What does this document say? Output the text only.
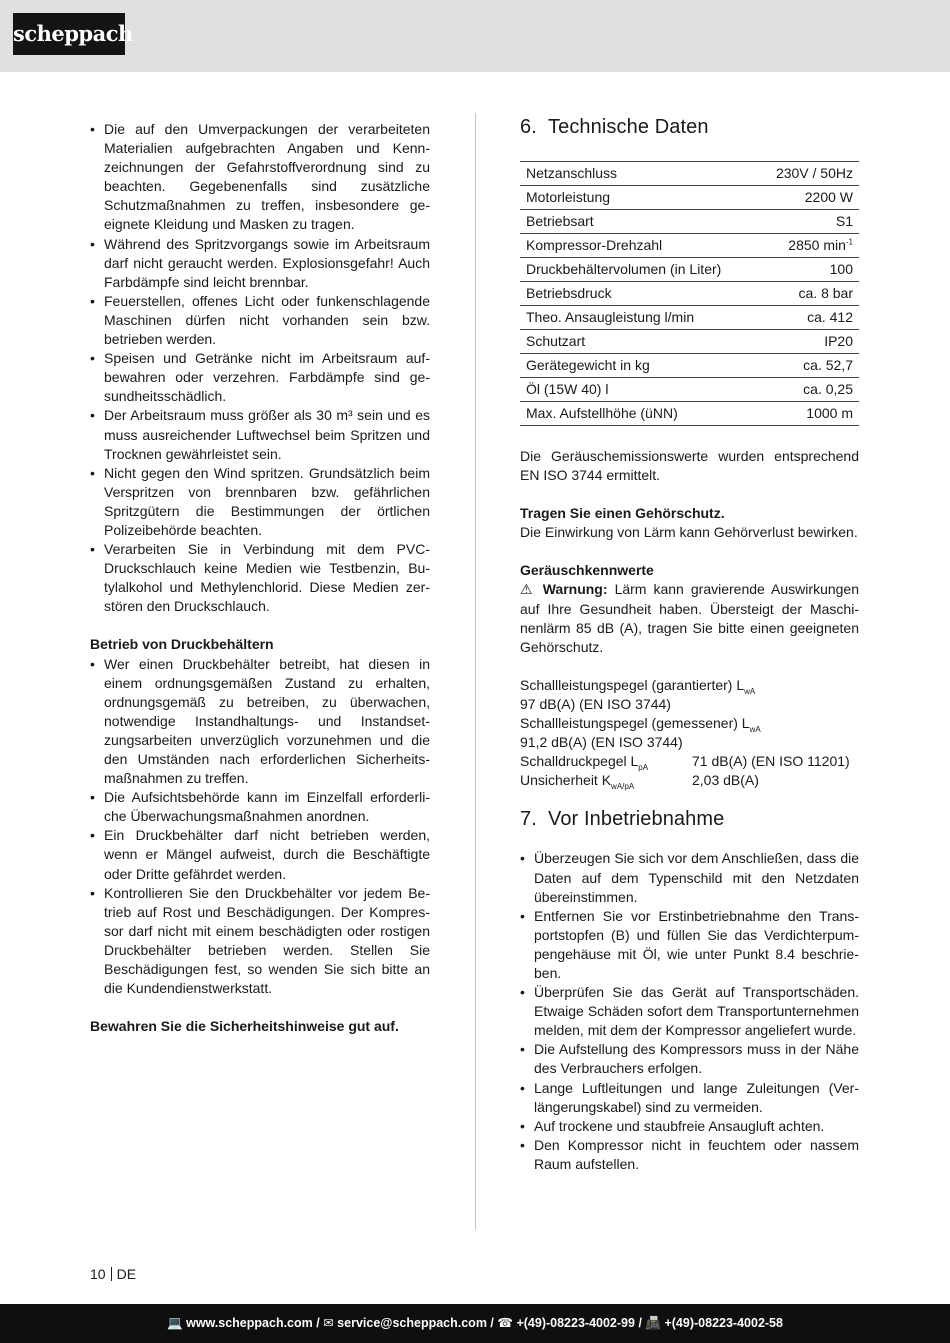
scheppach
• Die auf den Umverpackungen der verarbeiteten Materialien aufgebrachten Angaben und Kennzeichnungen der Gefahrstoffverordnung sind zu beachten. Gegebenenfalls sind zusätzliche Schutzmaßnahmen zu treffen, insbesondere geeignete Kleidung und Masken zu tragen.
• Während des Spritzvorgangs sowie im Arbeitsraum darf nicht geraucht werden. Explosionsgefahr! Auch Farbdämpfe sind leicht brennbar.
• Feuerstellen, offenes Licht oder funkenschlagende Maschinen dürfen nicht vorhanden sein bzw. betrieben werden.
• Speisen und Getränke nicht im Arbeitsraum aufbewahren oder verzehren. Farbdämpfe sind gesundheitsschädlich.
• Der Arbeitsraum muss größer als 30 m³ sein und es muss ausreichender Luftwechsel beim Spritzen und Trocknen gewährleistet sein.
• Nicht gegen den Wind spritzen. Grundsätzlich beim Verspritzen von brennbaren bzw. gefährlichen Spritzgütern die Bestimmungen der örtlichen Polizeibehörde beachten.
• Verarbeiten Sie in Verbindung mit dem PVC-Druckschlauch keine Medien wie Testbenzin, Butylalkohol und Methylenchlorid. Diese Medien zerstören den Druckschlauch.
Betrieb von Druckbehältern
• Wer einen Druckbehälter betreibt, hat diesen in einem ordnungsgemäßen Zustand zu erhalten, ordnungsgemäß zu betreiben, zu überwachen, notwendige Instandhaltungs- und Instandsetzungsarbeiten unverzüglich vorzunehmen und die den Umständen nach erforderlichen Sicherheitsmaßnahmen zu treffen.
• Die Aufsichtsbehörde kann im Einzelfall erforderliche Überwachungsmaßnahmen anordnen.
• Ein Druckbehälter darf nicht betrieben werden, wenn er Mängel aufweist, durch die Beschäftigte oder Dritte gefährdet werden.
• Kontrollieren Sie den Druckbehälter vor jedem Betrieb auf Rost und Beschädigungen. Der Kompressor darf nicht mit einem beschädigten oder rostigen Druckbehälter betrieben werden. Stellen Sie Beschädigungen fest, so wenden Sie sich bitte an die Kundendienstwerkstatt.
Bewahren Sie die Sicherheitshinweise gut auf.
6. Technische Daten
Netzanschluss	230V / 50Hz
Motorleistung	2200 W
Betriebsart	S1
Kompressor-Drehzahl	2850 $\min^{-1}$
Druckbehältervolumen (in Liter)	100
Betriebsdruck	ca. 8 bar
Theo. Ansaugleistung l/min	ca. 412
Schutzart	IP20
Gerätegewicht in kg	ca. 52,7
Öl (15W 40) l	ca. 0,25
Max. Aufstellhöhe (üNN)	1000 m
Die Geräuschemissionswerte wurden entsprechend EN ISO 3744 ermittelt.
Tragen Sie einen Gehörschutz.
Die Einwirkung von Lärm kann Gehörverlust bewirken.
Geräuschkennwerte
⚠ Warnung: Lärm kann gravierende Auswirkungen auf Ihre Gesundheit haben. Übersteigt der Maschinenlärm 85 dB (A), tragen Sie bitte einen geeigneten Gehörschutz.
Schallleistungspegel (garantierter) $L_{wA}$
97 dB(A) (EN ISO 3744)
Schallleistungspegel (gemessener) $L_{wA}$
91,2 dB(A) (EN ISO 3744)
Schalldruckpegel $L_{pA}$	71 dB(A) (EN ISO 11201)
Unsicherheit $K_{wA/pA}$	2,03 dB(A)
7. Vor Inbetriebnahme
• Überzeugen Sie sich vor dem Anschließen, dass die Daten auf dem Typenschild mit den Netzdaten übereinstimmen.
• Entfernen Sie vor Erstinbetriebnahme den Transportstopfen (B) und füllen Sie das Verdichterpumpengehäuse mit Öl, wie unter Punkt 8.4 beschrieben.
• Überprüfen Sie das Gerät auf Transportschäden. Etwaige Schäden sofort dem Transportunternehmen melden, mit dem der Kompressor angeliefert wurde.
• Die Aufstellung des Kompressors muss in der Nähe des Verbrauchers erfolgen.
• Lange Luftleitungen und lange Zuleitungen (Verlängerungskabel) sind zu vermeiden.
• Auf trockene und staubfreie Ansaugluft achten.
• Den Kompressor nicht in feuchtem oder nassem Raum aufstellen.
10 DE
💻 www.scheppach.com / ✉ service@scheppach.com / ☎ +(49)-08223-4002-99 / 📠 +(49)-08223-4002-58
